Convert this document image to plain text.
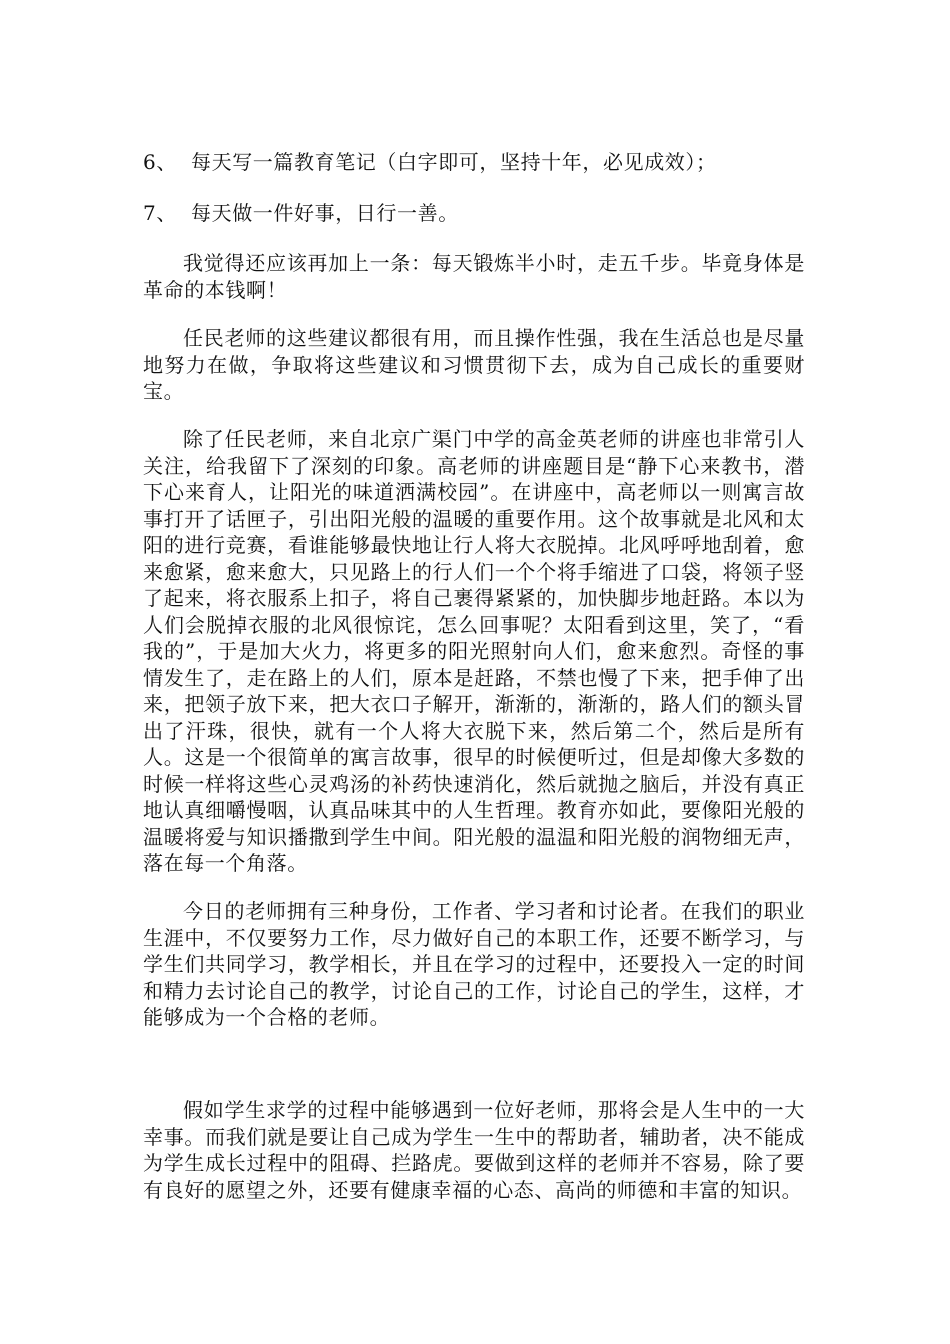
6、 每天写一篇教育笔记（白字即可，坚持十年，必见成效）；

7、 每天做一件好事，日行一善。

我觉得还应该再加上一条：每天锻炼半小时，走五千步。毕竟身体是革命的本钱啊！

任民老师的这些建议都很有用，而且操作性强，我在生活总也是尽量地努力在做，争取将这些建议和习惯贯彻下去，成为自己成长的重要财宝。

除了任民老师，来自北京广渠门中学的高金英老师的讲座也非常引人关注，给我留下了深刻的印象。高老师的讲座题目是“静下心来教书，潜下心来育人，让阳光的味道洒满校园”。在讲座中，高老师以一则寓言故事打开了话匣子，引出阳光般的温暖的重要作用。这个故事就是北风和太阳的进行竞赛，看谁能够最快地让行人将大衣脱掉。北风呼呼地刮着，愈来愈紧，愈来愈大，只见路上的行人们一个个将手缩进了口袋，将领子竖了起来，将衣服系上扣子，将自己裹得紧紧的，加快脚步地赶路。本以为人们会脱掉衣服的北风很惊诧，怎么回事呢？太阳看到这里，笑了，“看我的”，于是加大火力，将更多的阳光照射向人们，愈来愈烈。奇怪的事情发生了，走在路上的人们，原本是赶路，不禁也慢了下来，把手伸了出来，把领子放下来，把大衣口子解开，渐渐的，渐渐的，路人们的额头冒出了汗珠，很快，就有一个人将大衣脱下来，然后第二个，然后是所有人。这是一个很简单的寓言故事，很早的时候便听过，但是却像大多数的时候一样将这些心灵鸡汤的补药快速消化，然后就抛之脑后，并没有真正地认真细嚼慢咽，认真品味其中的人生哲理。教育亦如此，要像阳光般的温暖将爱与知识播撒到学生中间。阳光般的温温和阳光般的润物细无声，落在每一个角落。

今日的老师拥有三种身份，工作者、学习者和讨论者。在我们的职业生涯中，不仅要努力工作，尽力做好自己的本职工作，还要不断学习，与学生们共同学习，教学相长，并且在学习的过程中，还要投入一定的时间和精力去讨论自己的教学，讨论自己的工作，讨论自己的学生，这样，才能够成为一个合格的老师。

假如学生求学的过程中能够遇到一位好老师，那将会是人生中的一大幸事。而我们就是要让自己成为学生一生中的帮助者，辅助者，决不能成为学生成长过程中的阻碍、拦路虎。要做到这样的老师并不容易，除了要有良好的愿望之外，还要有健康幸福的心态、高尚的师德和丰富的知识。
